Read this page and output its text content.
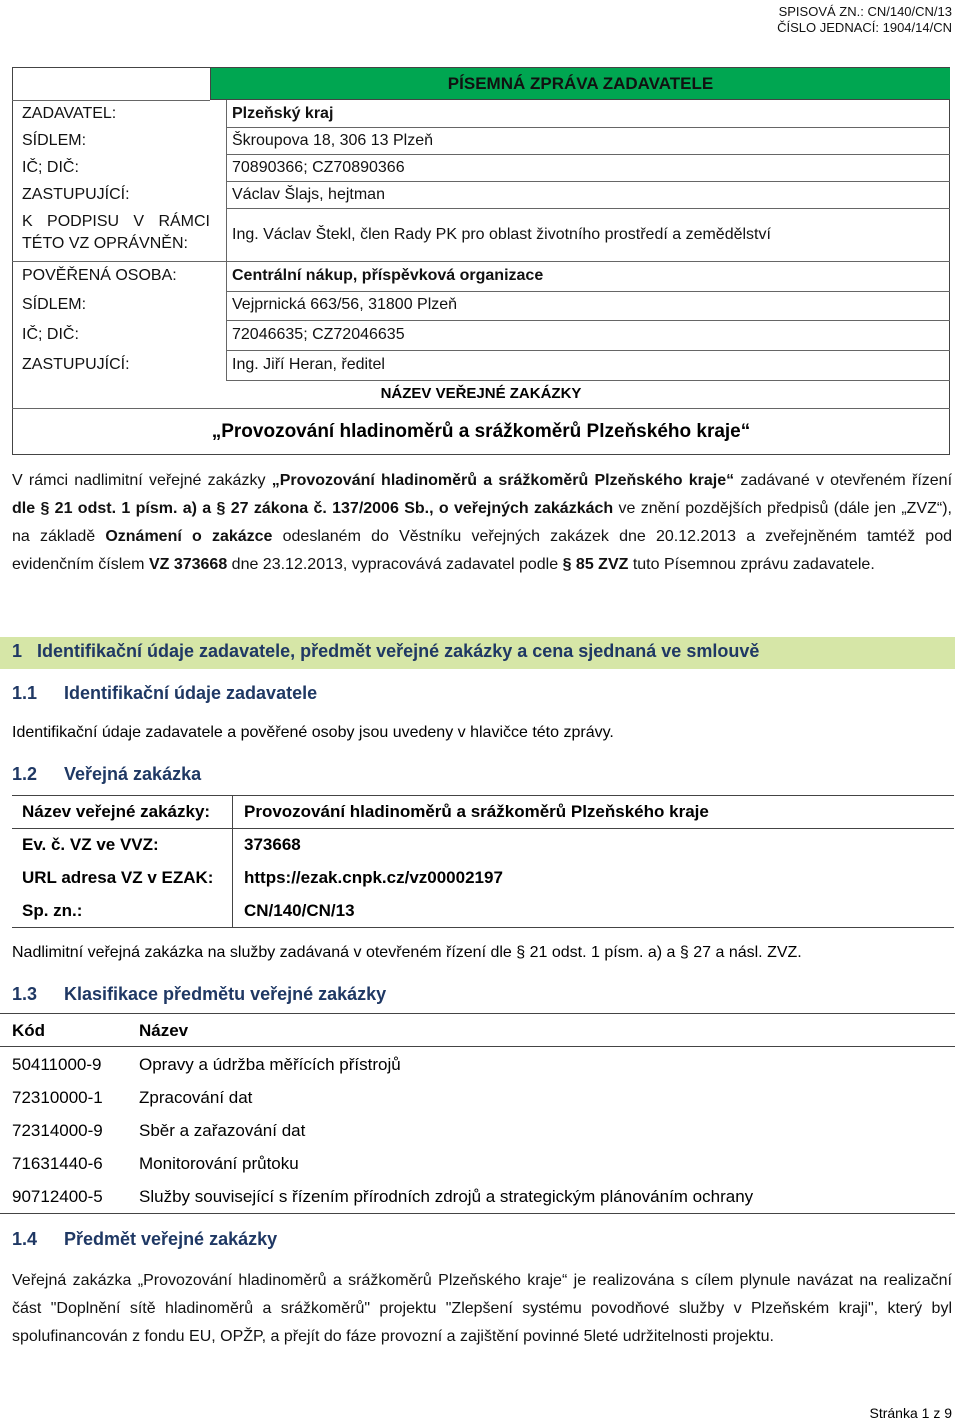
SPISOVÁ ZN.: CN/140/CN/13
ČÍSLO JEDNACÍ: 1904/14/CN
PÍSEMNÁ ZPRÁVA ZADAVATELE
ZADAVATEL:	Plzeňský kraj
SÍDLEM:	Škroupova 18, 306 13 Plzeň
IČ; DIČ:	70890366; CZ70890366
ZASTUPUJÍCÍ:	Václav Šlajs, hejtman
K PODPISU V RÁMCI
TÉTO VZ OPRÁVNĚN:
Ing. Václav Štekl, člen Rady PK pro oblast životního prostředí a zemědělství
POVĚŘENÁ OSOBA:	Centrální nákup, příspěvková organizace
SÍDLEM:	Vejprnická 663/56, 31800 Plzeň
IČ; DIČ:	72046635; CZ72046635
ZASTUPUJÍCÍ:	Ing. Jiří Heran, ředitel
NÁZEV VEŘEJNÉ ZAKÁZKY
„Provozování hladinoměrů a srážkoměrů Plzeňského kraje“
V rámci nadlimitní veřejné zakázky „Provozování hladinoměrů a srážkoměrů Plzeňského kraje“ zadávané v otevřeném řízení dle § 21 odst. 1 písm. a) a § 27 zákona č. 137/2006 Sb., o veřejných zakázkách ve znění pozdějších předpisů (dále jen „ZVZ“), na základě Oznámení o zakázce odeslaném do Věstníku veřejných zakázek dne 20.12.2013 a zveřejněném tamtéž pod evidenčním číslem VZ 373668 dne 23.12.2013, vypracovává zadavatel podle § 85 ZVZ tuto Písemnou zprávu zadavatele.
1   Identifikační údaje zadavatele, předmět veřejné zakázky a cena sjednaná ve smlouvě
1.1 Identifikační údaje zadavatele
Identifikační údaje zadavatele a pověřené osoby jsou uvedeny v hlavičce této zprávy.
1.2 Veřejná zakázka
Název veřejné zakázky: Provozování hladinoměrů a srážkoměrů Plzeňského kraje
Ev. č. VZ ve VVZ:	373668
URL adresa VZ v EZAK: https://ezak.cnpk.cz/vz00002197
Sp. zn.:	CN/140/CN/13
Nadlimitní veřejná zakázka na služby zadávaná v otevřeném řízení dle § 21 odst. 1 písm. a) a § 27 a násl. ZVZ.
1.3 Klasifikace předmětu veřejné zakázky
Kód	Název
50411000-9 Opravy a údržba měřících přístrojů
72310000-1 Zpracování dat
72314000-9 Sběr a zařazování dat
71631440-6 Monitorování průtoku
90712400-5 Služby související s řízením přírodních zdrojů a strategickým plánováním ochrany
1.4 Předmět veřejné zakázky
Veřejná zakázka „Provozování hladinoměrů a srážkoměrů Plzeňského kraje“ je realizována s cílem plynule navázat na realizační část "Doplnění sítě hladinoměrů a srážkoměrů" projektu "Zlepšení systému povodňové služby v Plzeňském kraji", který byl spolufinancován z fondu EU, OPŽP, a přejít do fáze provozní a zajištění povinné 5leté udržitelnosti projektu.
Stránka 1 z 9
